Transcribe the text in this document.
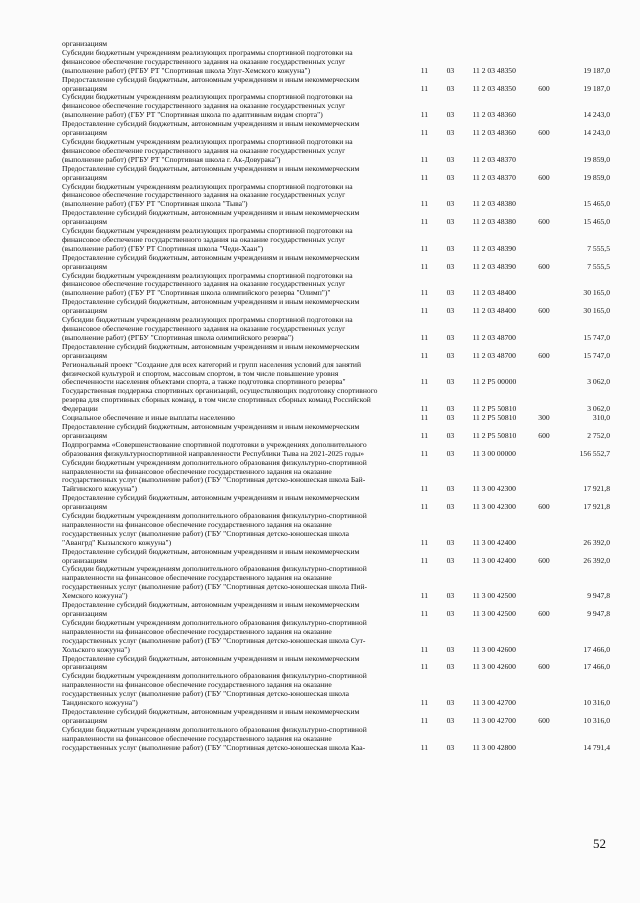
организациям
Субсидии бюджетным учреждениям реализующих программы спортивной подготовки на
финансовое обеспечение государственного задания на оказание государственных услуг
(выполнение работ) (РГБУ РТ "Спортивная школа Улуг-Хемского кожууна")	11	03	11 2 03 48350	19 187,0
Предоставление субсидий бюджетным, автономным учреждениям и иным некоммерческим
организациям	11	03	11 2 03 48350	600	19 187,0
Субсидии бюджетным учреждениям реализующих программы спортивной подготовки на
финансовое обеспечение государственного задания на оказание государственных услуг
(выполнение работ) (ГБУ РТ "Спортивная школа по адаптивным видам спорта")	11	03	11 2 03 48360	14 243,0
Предоставление субсидий бюджетным, автономным учреждениям и иным некоммерческим
организациям	11	03	11 2 03 48360	600	14 243,0
Субсидии бюджетным учреждениям реализующих программы спортивной подготовки на
финансовое обеспечение государственного задания на оказание государственных услуг
(выполнение работ) (РГБУ РТ "Спортивная школа г. Ак-Довурака")	11	03	11 2 03 48370	19 859,0
Предоставление субсидий бюджетным, автономным учреждениям и иным некоммерческим
организациям	11	03	11 2 03 48370	600	19 859,0
Субсидии бюджетным учреждениям реализующих программы спортивной подготовки на
финансовое обеспечение государственного задания на оказание государственных услуг
(выполнение работ) (ГБУ РТ "Спортивная школа "Тыва")	11	03	11 2 03 48380	15 465,0
Предоставление субсидий бюджетным, автономным учреждениям и иным некоммерческим
организациям	11	03	11 2 03 48380	600	15 465,0
Субсидии бюджетным учреждениям реализующих программы спортивной подготовки на
финансовое обеспечение государственного задания на оказание государственных услуг
(выполнение работ) (ГБУ РТ Спортивная школа "Чеди-Хаан")	11	03	11 2 03 48390	7 555,5
Предоставление субсидий бюджетным, автономным учреждениям и иным некоммерческим
организациям	11	03	11 2 03 48390	600	7 555,5
Субсидии бюджетным учреждениям реализующих программы спортивной подготовки на
финансовое обеспечение государственного задания на оказание государственных услуг
(выполнение работ) (ГБУ РТ "Спортивная школа олимпийского резерва "Олимп")"	11	03	11 2 03 48400	30 165,0
Предоставление субсидий бюджетным, автономным учреждениям и иным некоммерческим
организациям	11	03	11 2 03 48400	600	30 165,0
Субсидии бюджетным учреждениям реализующих программы спортивной подготовки на
финансовое обеспечение государственного задания на оказание государственных услуг
(выполнение работ) (РГБУ "Спортивная школа олимпийского резерва")	11	03	11 2 03 48700	15 747,0
Предоставление субсидий бюджетным, автономным учреждениям и иным некоммерческим
организациям	11	03	11 2 03 48700	600	15 747,0
Региональный проект "Создание для всех категорий и групп населения условий для занятий
физической культурой и спортом, массовым спортом, в том числе повышение уровня
обеспеченности населения объектами спорта, а также подготовка спортивного резерва"	11	03	11 2 P5 00000	3 062,0
Государственная поддержка спортивных организаций, осуществляющих подготовку спортивного
резерва для спортивных сборных команд, в том числе спортивных сборных команд Российской
Федерации	11	03	11 2 P5 50810	3 062,0
Социальное обеспечение и иные выплаты населению	11	03	11 2 P5 50810	300	310,0
Предоставление субсидий бюджетным, автономным учреждениям и иным некоммерческим
организациям	11	03	11 2 P5 50810	600	2 752,0
Подпрограмма «Совершенствование спортивной подготовки в учреждениях дополнительного
образования физкультурноспортивной направленности Республики Тыва на 2021-2025 годы»	11	03	11 3 00 00000	156 552,7
Субсидии бюджетным учреждениям дополнительного образования физкультурно-спортивной
направленности на финансовое обеспечение государственного задания на оказание
государственных услуг (выполнение работ) (ГБУ "Спортивная детско-юношеская школа Бай-
Тайгинского кожууна")	11	03	11 3 00 42300	17 921,8
Предоставление субсидий бюджетным, автономным учреждениям и иным некоммерческим
организациям	11	03	11 3 00 42300	600	17 921,8
Субсидии бюджетным учреждениям дополнительного образования физкультурно-спортивной
направленности на финансовое обеспечение государственного задания на оказание
государственных услуг (выполнение работ) (ГБУ "Спортивная детско-юношеская школа
"Авангрд" Кызылского кожууна")	11	03	11 3 00 42400	26 392,0
Предоставление субсидий бюджетным, автономным учреждениям и иным некоммерческим
организациям	11	03	11 3 00 42400	600	26 392,0
Субсидии бюджетным учреждениям дополнительного образования физкультурно-спортивной
направленности на финансовое обеспечение государственного задания на оказание
государственных услуг (выполнение работ) (ГБУ "Спортивная детско-юношеская школа Пий-
Хемского кожууна")	11	03	11 3 00 42500	9 947,8
Предоставление субсидий бюджетным, автономным учреждениям и иным некоммерческим
организациям	11	03	11 3 00 42500	600	9 947,8
Субсидии бюджетным учреждениям дополнительного образования физкультурно-спортивной
направленности на финансовое обеспечение государственного задания на оказание
государственных услуг (выполнение работ) (ГБУ "Спортивная детско-юношеская школа Сут-
Хольского кожууна")	11	03	11 3 00 42600	17 466,0
Предоставление субсидий бюджетным, автономным учреждениям и иным некоммерческим
организациям	11	03	11 3 00 42600	600	17 466,0
Субсидии бюджетным учреждениям дополнительного образования физкультурно-спортивной
направленности на финансовое обеспечение государственного задания на оказание
государственных услуг (выполнение работ) (ГБУ "Спортивная детско-юношеская школа
Тандинского кожууна")	11	03	11 3 00 42700	10 316,0
Предоставление субсидий бюджетным, автономным учреждениям и иным некоммерческим
организациям	11	03	11 3 00 42700	600	10 316,0
Субсидии бюджетным учреждениям дополнительного образования физкультурно-спортивной
направленности на финансовое обеспечение государственного задания на оказание
государственных услуг (выполнение работ) (ГБУ "Спортивная детско-юношеская школа Каа-	11	03	11 3 00 42800	14 791,4
52
